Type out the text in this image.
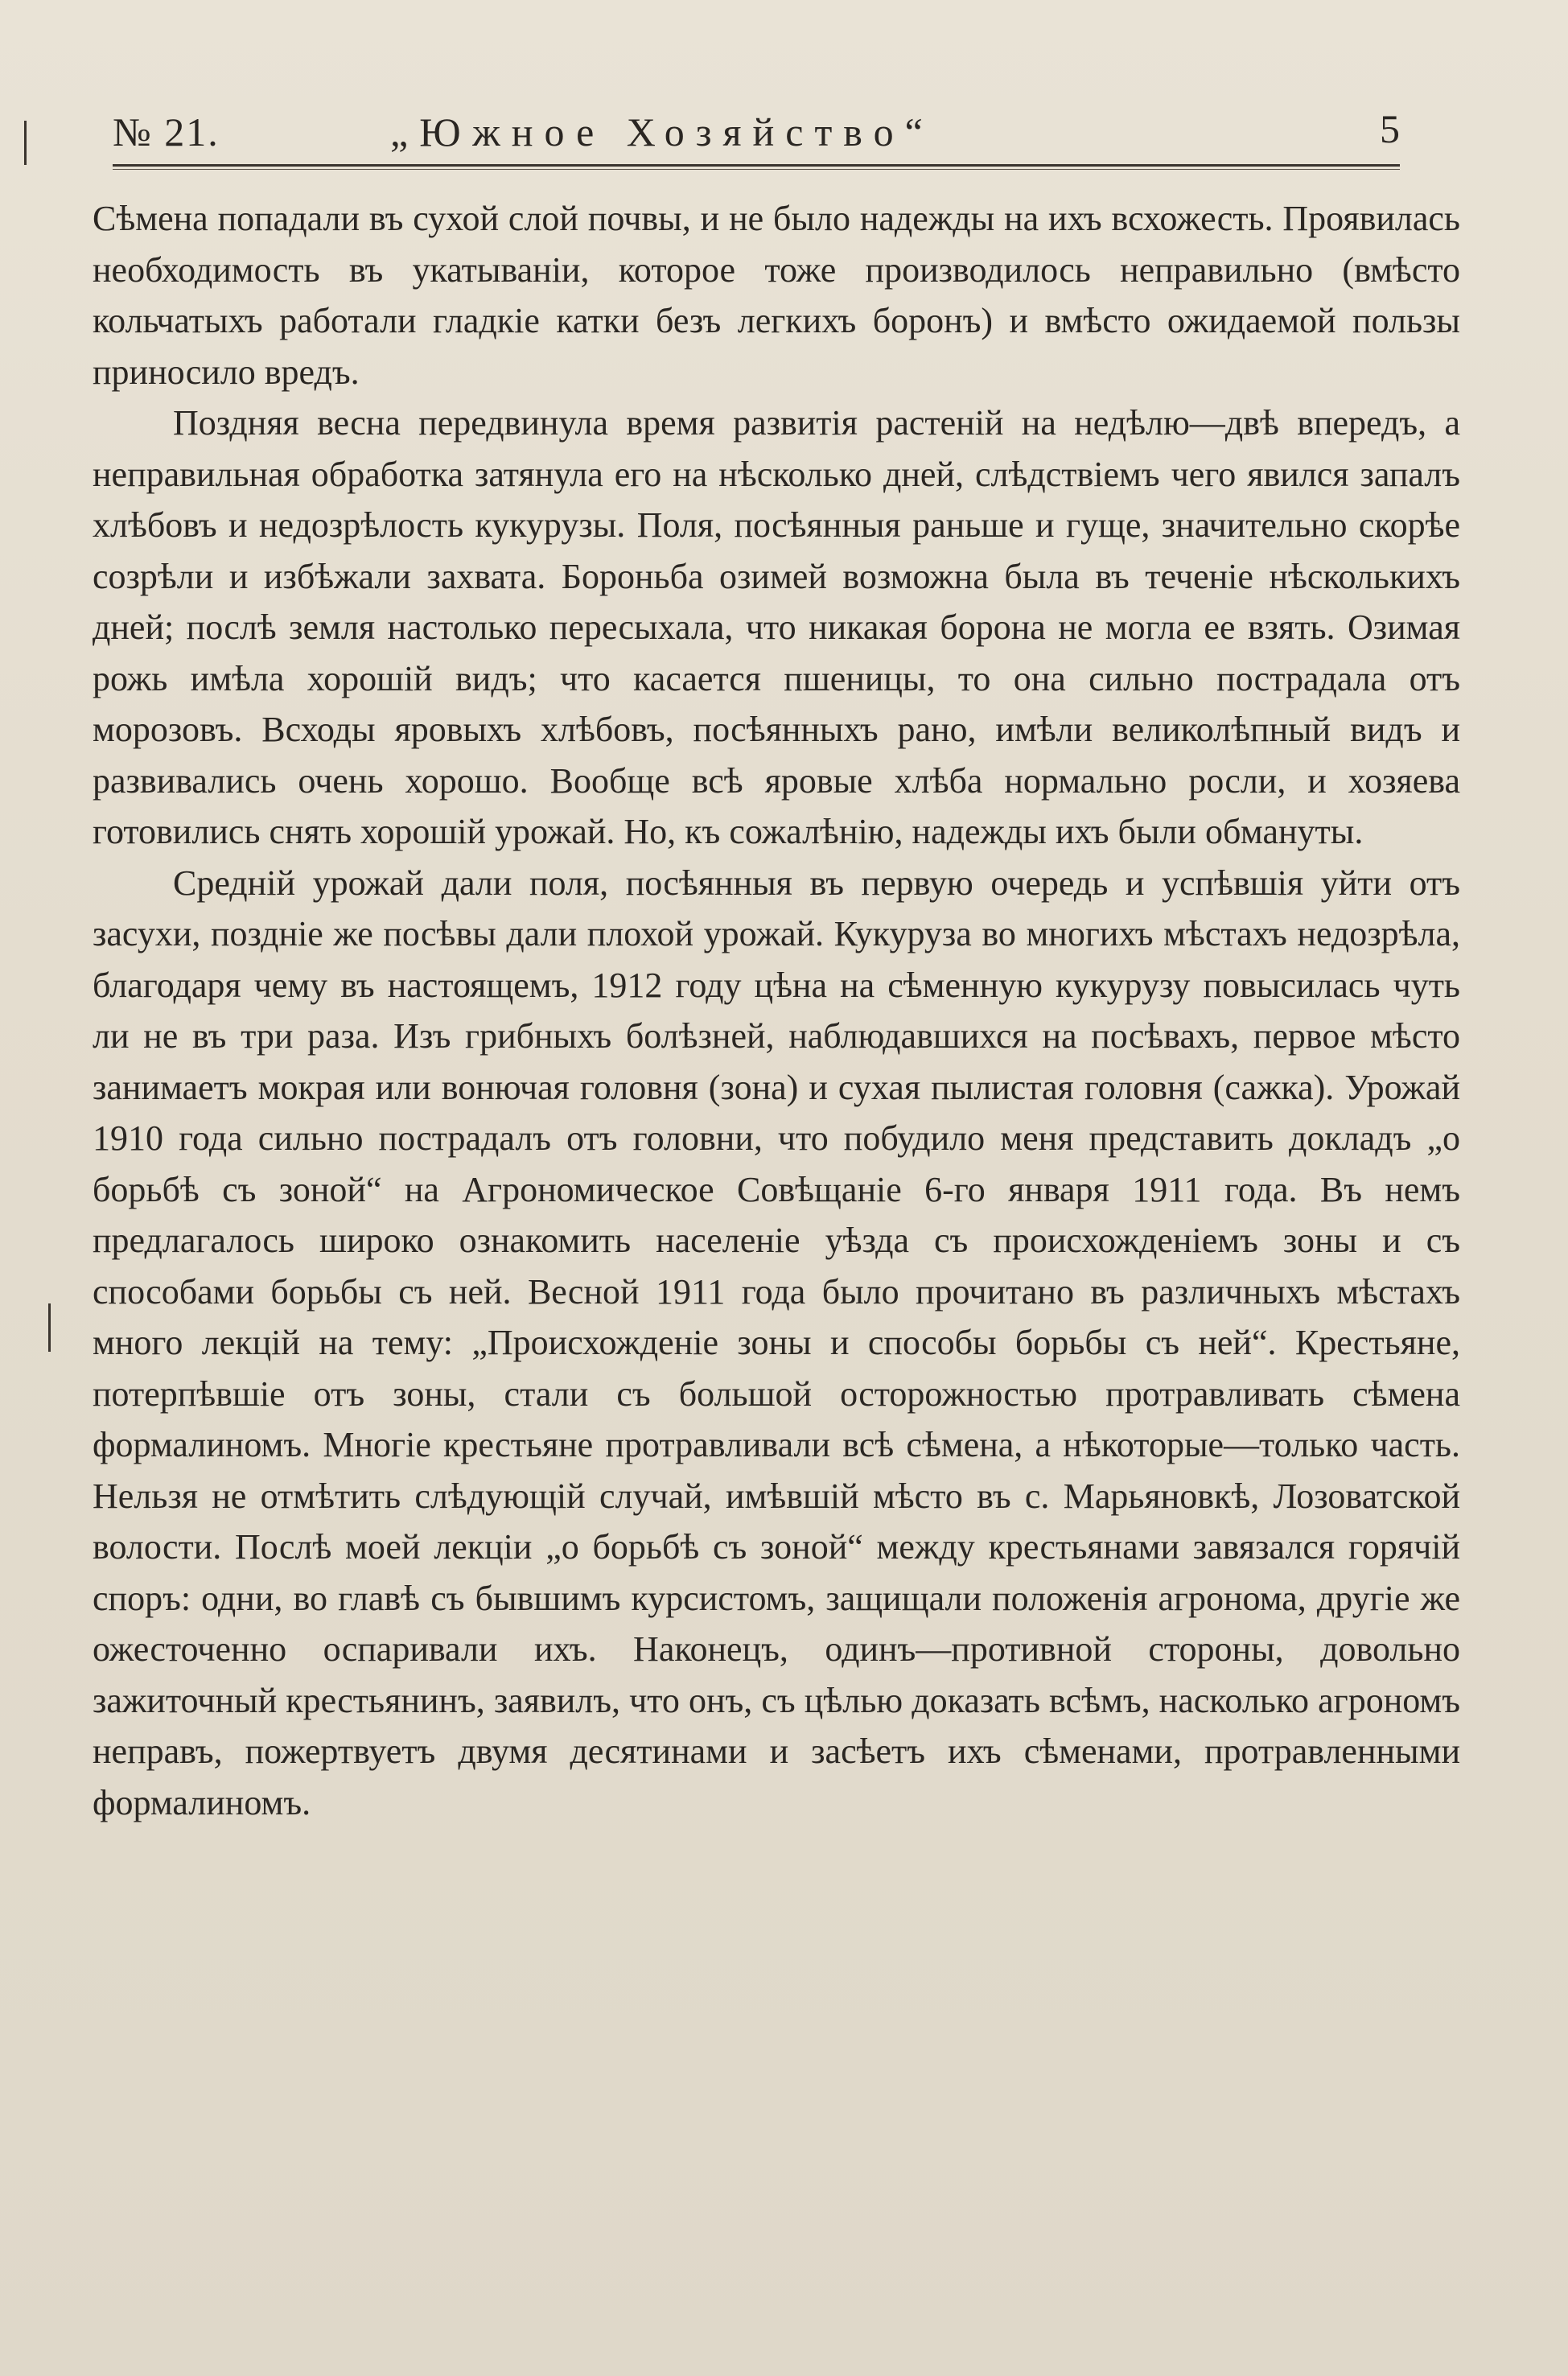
№ 21.	„Южное Хозяйство“	5

Сѣмена попадали въ сухой слой почвы, и не было надежды на ихъ всхожесть. Проявилась необходимость въ укатываніи, которое тоже производилось неправильно (вмѣсто кольчатыхъ работали гладкіе катки безъ легкихъ боронъ) и вмѣсто ожидаемой пользы приносило вредъ.

Поздняя весна передвинула время развитія растеній на недѣлю—двѣ впередъ, а неправильная обработка затянула его на нѣсколько дней, слѣдствіемъ чего явился запалъ хлѣбовъ и недозрѣлость кукурузы. Поля, посѣянныя раньше и гуще, значительно скорѣе созрѣли и избѣжали захвата. Бороньба озимей возможна была въ теченіе нѣсколькихъ дней; послѣ земля настолько пересыхала, что никакая борона не могла ее взять. Озимая рожь имѣла хорошій видъ; что касается пшеницы, то она сильно пострадала отъ морозовъ. Всходы яровыхъ хлѣбовъ, посѣянныхъ рано, имѣли великолѣпный видъ и развивались очень хорошо. Вообще всѣ яровые хлѣба нормально росли, и хозяева готовились снять хорошій урожай. Но, къ сожалѣнію, надежды ихъ были обмануты.

Средній урожай дали поля, посѣянныя въ первую очередь и успѣвшія уйти отъ засухи, поздніе же посѣвы дали плохой урожай. Кукуруза во многихъ мѣстахъ недозрѣла, благодаря чему въ настоящемъ, 1912 году цѣна на сѣменную кукурузу повысилась чуть ли не въ три раза. Изъ грибныхъ болѣзней, наблюдавшихся на посѣвахъ, первое мѣсто занимаетъ мокрая или вонючая головня (зона) и сухая пылистая головня (сажка). Урожай 1910 года сильно пострадалъ отъ головни, что побудило меня представить докладъ „о борьбѣ съ зоной“ на Агрономическое Совѣщаніе 6-го января 1911 года. Въ немъ предлагалось широко ознакомить населеніе уѣзда съ происхожденіемъ зоны и съ способами борьбы съ ней. Весной 1911 года было прочитано въ различныхъ мѣстахъ много лекцій на тему: „Происхожденіе зоны и способы борьбы съ ней“. Крестьяне, потерпѣвшіе отъ зоны, стали съ большой осторожностью протравливать сѣмена формалиномъ. Многіе крестьяне протравливали всѣ сѣмена, а нѣкоторые—только часть. Нельзя не отмѣтить слѣдующій случай, имѣвшій мѣсто въ с. Марьяновкѣ, Лозоватской волости. Послѣ моей лекціи „о борьбѣ съ зоной“ между крестьянами завязался горячій споръ: одни, во главѣ съ бывшимъ курсистомъ, защищали положенія агронома, другіе же ожесточенно оспаривали ихъ. Наконецъ, одинъ—противной стороны, довольно зажиточный крестьянинъ, заявилъ, что онъ, съ цѣлью доказать всѣмъ, насколько агрономъ неправъ, пожертвуетъ двумя десятинами и засѣетъ ихъ сѣменами, протравленными формалиномъ.
